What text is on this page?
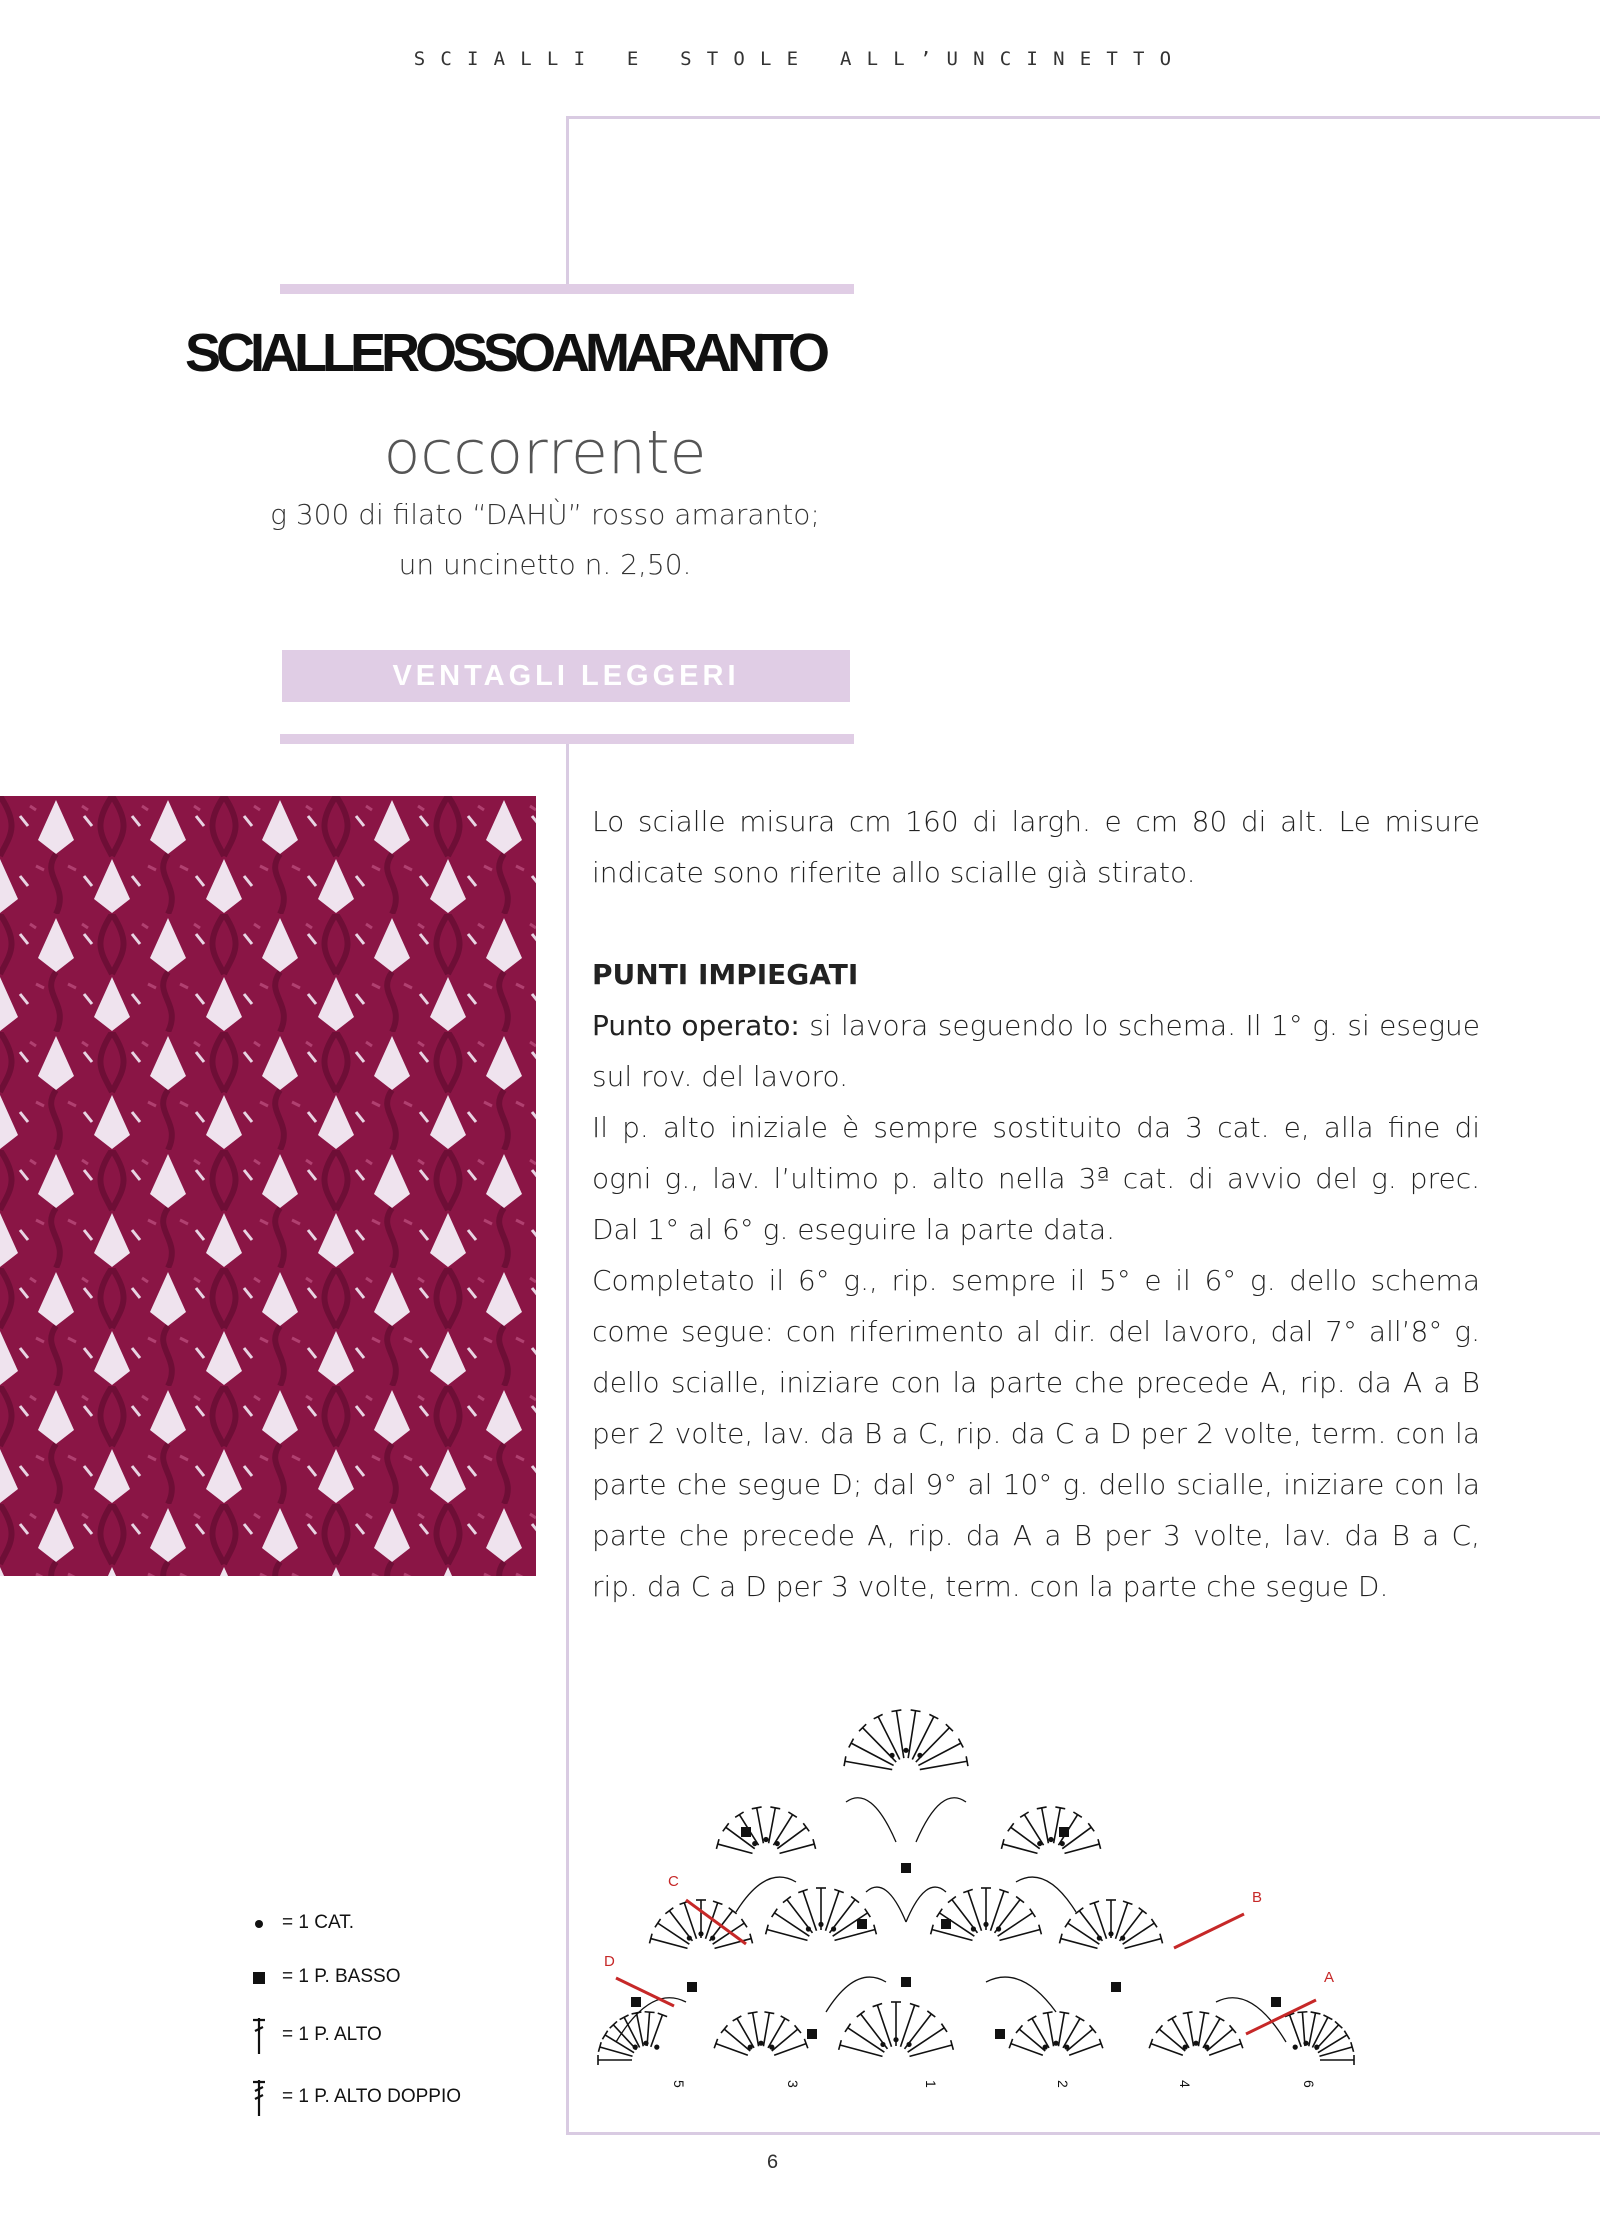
SCIALLI E STOLE ALL’UNCINETTO
SCIALLEROSSOAMARANTO
occorrente
g 300 di filato “DAHÙ” rosso amaranto;
un uncinetto n. 2,50.
VENTAGLI LEGGERI

Lo scialle misura cm 160 di largh. e cm 80 di alt. Le misure indicate sono riferite allo scialle già stirato.

PUNTI IMPIEGATI

Punto operato: si lavora seguendo lo schema. Il 1° g. si esegue sul rov. del lavoro.

Il p. alto iniziale è sempre sostituito da 3 cat. e, alla fine di ogni g., lav. l’ultimo p. alto nella 3ª cat. di avvio del g. prec. Dal 1° al 6° g. eseguire la parte data.

Completato il 6° g., rip. sempre il 5° e il 6° g. dello schema come segue: con riferimento al dir. del lavoro, dal 7° all’8° g. dello scialle, iniziare con la parte che precede A, rip. da A a B per 2 volte, lav. da B a C, rip. da C a D per 2 volte, term. con la parte che segue D; dal 9° al 10° g. dello scialle, iniziare con la parte che precede A, rip. da A a B per 3 volte, lav. da B a C, rip. da C a D per 3 volte, term. con la parte che segue D.

= 1 CAT.
= 1 P. BASSO
= 1 P. ALTO
= 1 P. ALTO DOPPIO
A
B
C
D
5	3	1	2	4	6
6
